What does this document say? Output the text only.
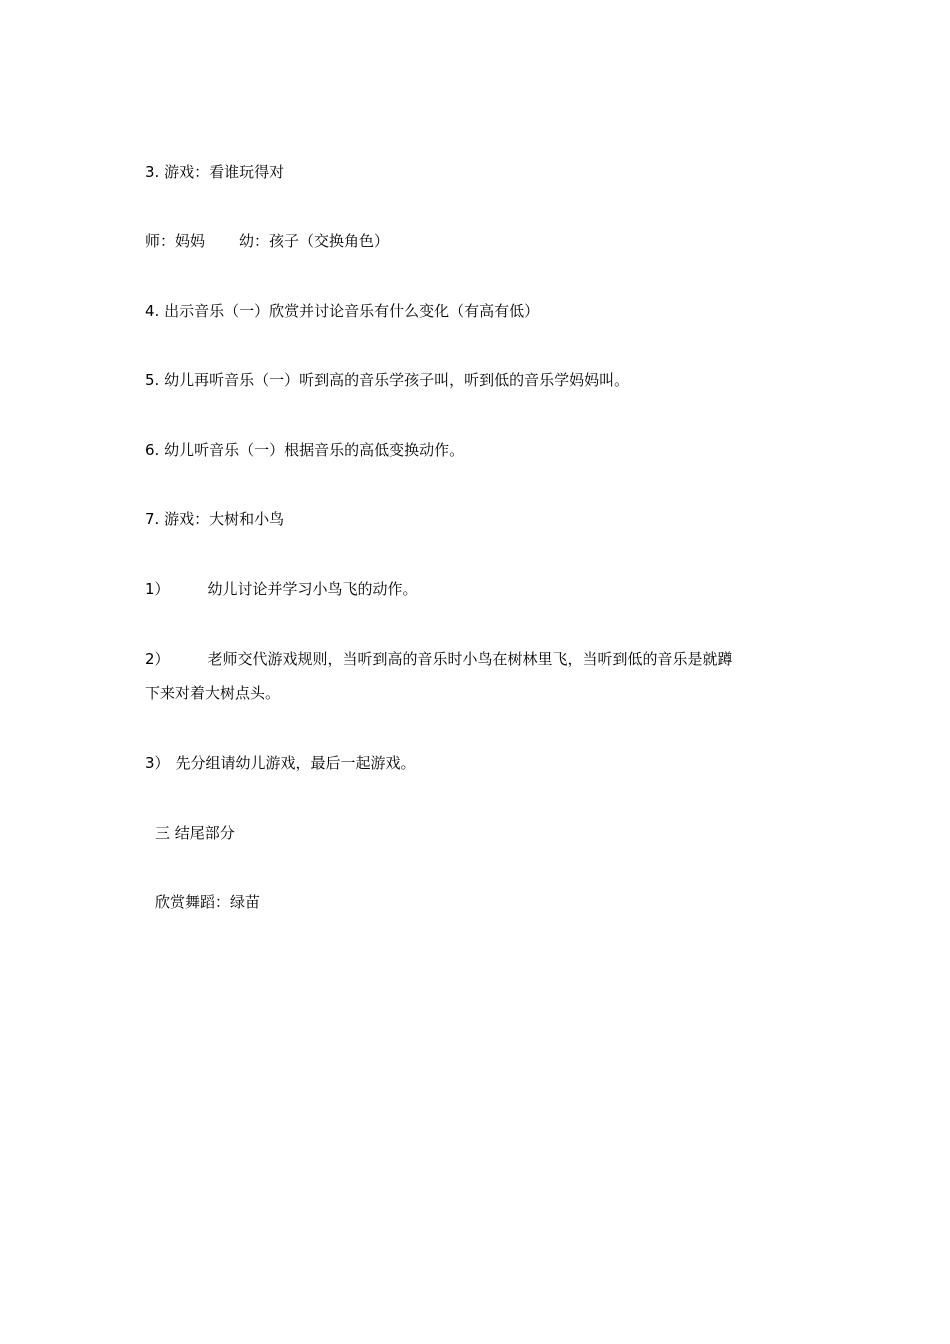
3. 游戏：看谁玩得对
师：妈妈 幼：孩子（交换角色）
4. 出示音乐（一）欣赏并讨论音乐有什么变化（有高有低）
5. 幼儿再听音乐（一）听到高的音乐学孩子叫，听到低的音乐学妈妈叫。
6. 幼儿听音乐（一）根据音乐的高低变换动作。
7. 游戏：大树和小鸟
1）	幼儿讨论并学习小鸟飞的动作。
2）	老师交代游戏规则，当听到高的音乐时小鸟在树林里飞，当听到低的音乐是就蹲
下来对着大树点头。
3） 先分组请幼儿游戏，最后一起游戏。
三 结尾部分
欣赏舞蹈：绿苗
